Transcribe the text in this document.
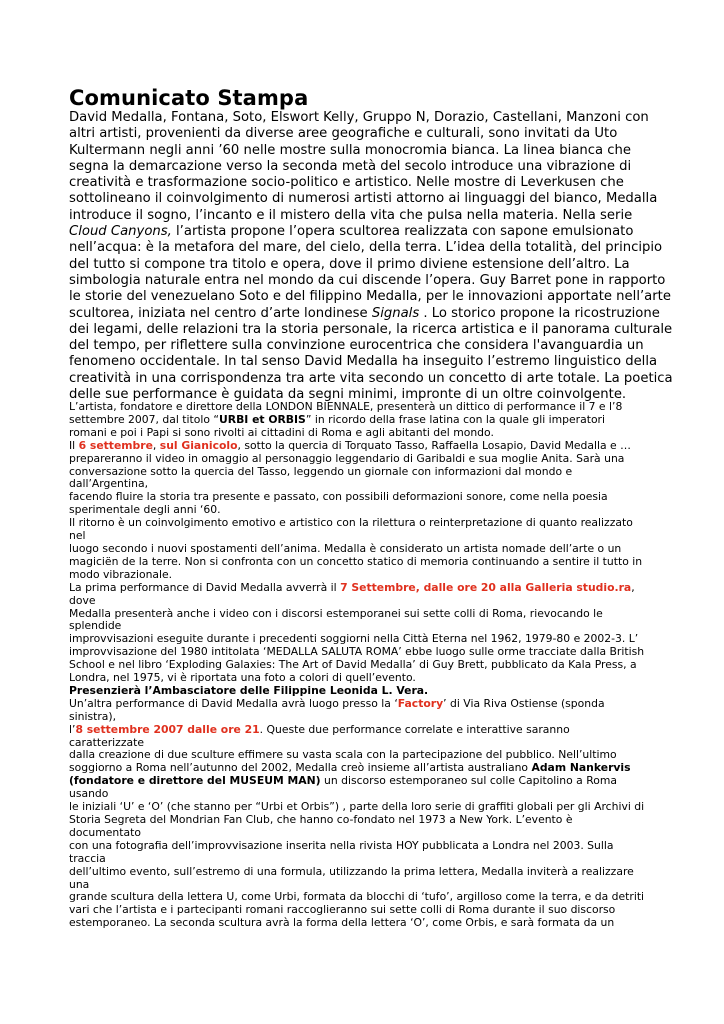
Comunicato Stampa
David Medalla, Fontana, Soto, Elswort Kelly, Gruppo N, Dorazio, Castellani, Manzoni con
altri artisti, provenienti da diverse aree geografiche e culturali, sono invitati da Uto
Kultermann negli anni ’60 nelle mostre sulla monocromia bianca. La linea bianca che
segna la demarcazione verso la seconda metà del secolo introduce una vibrazione di
creatività e trasformazione socio-politico e artistico. Nelle mostre di Leverkusen che
sottolineano il coinvolgimento di numerosi artisti attorno ai linguaggi del bianco, Medalla
introduce il sogno, l’incanto e il mistero della vita che pulsa nella materia. Nella serie
Cloud Canyons, l’artista propone l’opera scultorea realizzata con sapone emulsionato
nell’acqua: è la metafora del mare, del cielo, della terra. L’idea della totalità, del principio
del tutto si compone tra titolo e opera, dove il primo diviene estensione dell’altro. La
simbologia naturale entra nel mondo da cui discende l’opera. Guy Barret pone in rapporto
le storie del venezuelano Soto e del filippino Medalla, per le innovazioni apportate nell’arte
scultorea, iniziata nel centro d’arte londinese Signals . Lo storico propone la ricostruzione
dei legami, delle relazioni tra la storia personale, la ricerca artistica e il panorama culturale
del tempo, per riflettere sulla convinzione eurocentrica che considera l'avanguardia un
fenomeno occidentale. In tal senso David Medalla ha inseguito l’estremo linguistico della
creatività in una corrispondenza tra arte vita secondo un concetto di arte totale. La poetica
delle sue performance è guidata da segni minimi, impronte di un oltre coinvolgente.
L’artista, fondatore e direttore della LONDON BIENNALE, presenterà un dittico di performance il 7 e l’8
settembre 2007, dal titolo “URBI et ORBIS” in ricordo della frase latina con la quale gli imperatori
romani e poi i Papi si sono rivolti ai cittadini di Roma e agli abitanti del mondo.
Il 6 settembre, sul Gianicolo, sotto la quercia di Torquato Tasso, Raffaella Losapio, David Medalla e …
prepareranno il video in omaggio al personaggio leggendario di Garibaldi e sua moglie Anita. Sarà una
conversazione sotto la quercia del Tasso, leggendo un giornale con informazioni dal mondo e
dall’Argentina,
facendo fluire la storia tra presente e passato, con possibili deformazioni sonore, come nella poesia
sperimentale degli anni ‘60.
Il ritorno è un coinvolgimento emotivo e artistico con la rilettura o reinterpretazione di quanto realizzato
nel
luogo secondo i nuovi spostamenti dell’anima. Medalla è considerato un artista nomade dell’arte o un
magiciën de la terre. Non si confronta con un concetto statico di memoria continuando a sentire il tutto in
modo vibrazionale.
La prima performance di David Medalla avverrà il 7 Settembre, dalle ore 20 alla Galleria studio.ra,
dove
Medalla presenterà anche i video con i discorsi estemporanei sui sette colli di Roma, rievocando le
splendide
improvvisazioni eseguite durante i precedenti soggiorni nella Città Eterna nel 1962, 1979-80 e 2002-3. L’
improvvisazione del 1980 intitolata ‘MEDALLA SALUTA ROMA’ ebbe luogo sulle orme tracciate dalla British
School e nel libro ‘Exploding Galaxies: The Art of David Medalla’ di Guy Brett, pubblicato da Kala Press, a
Londra, nel 1975, vi è riportata una foto a colori di quell’evento.
Presenzierà l’Ambasciatore delle Filippine Leonida L. Vera.
Un’altra performance di David Medalla avrà luogo presso la ‘Factory’ di Via Riva Ostiense (sponda
sinistra),
l’8 settembre 2007 dalle ore 21. Queste due performance correlate e interattive saranno
caratterizzate
dalla creazione di due sculture effimere su vasta scala con la partecipazione del pubblico. Nell’ultimo
soggiorno a Roma nell’autunno del 2002, Medalla creò insieme all’artista australiano Adam Nankervis
(fondatore e direttore del MUSEUM MAN) un discorso estemporaneo sul colle Capitolino a Roma
usando
le iniziali ‘U’ e ‘O’ (che stanno per “Urbi et Orbis”) , parte della loro serie di graffiti globali per gli Archivi di
Storia Segreta del Mondrian Fan Club, che hanno co-fondato nel 1973 a New York. L’evento è
documentato
con una fotografia dell’improvvisazione inserita nella rivista HOY pubblicata a Londra nel 2003. Sulla
traccia
dell’ultimo evento, sull’estremo di una formula, utilizzando la prima lettera, Medalla inviterà a realizzare
una
grande scultura della lettera U, come Urbi, formata da blocchi di ‘tufo’, argilloso come la terra, e da detriti
vari che l’artista e i partecipanti romani raccoglieranno sui sette colli di Roma durante il suo discorso
estemporaneo. La seconda scultura avrà la forma della lettera ‘O’, come Orbis, e sarà formata da un
